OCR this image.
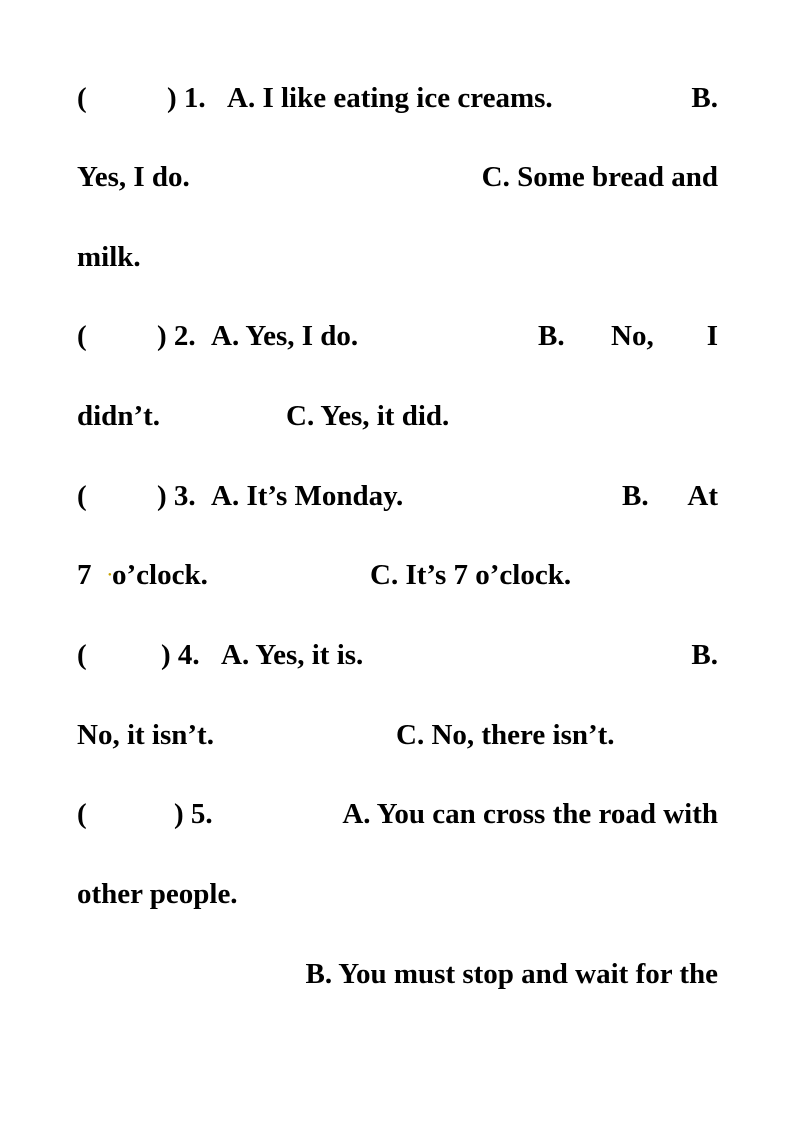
(	) 1. A. I like eating ice creams.	B.
Yes, I do.	C. Some bread and
milk.
( ) 2. A. Yes, I do.	B. No, I
didn’t.	C. Yes, it did.
( ) 3. A. It’s Monday.	B. At
7	● o’clock.	C. It’s 7 o’clock.
(	) 4. A. Yes, it is.	B.
No, it isn’t.	C. No, there isn’t.
(	) 5.	A. You can cross the road with
other people.
B. You must stop and wait for the
